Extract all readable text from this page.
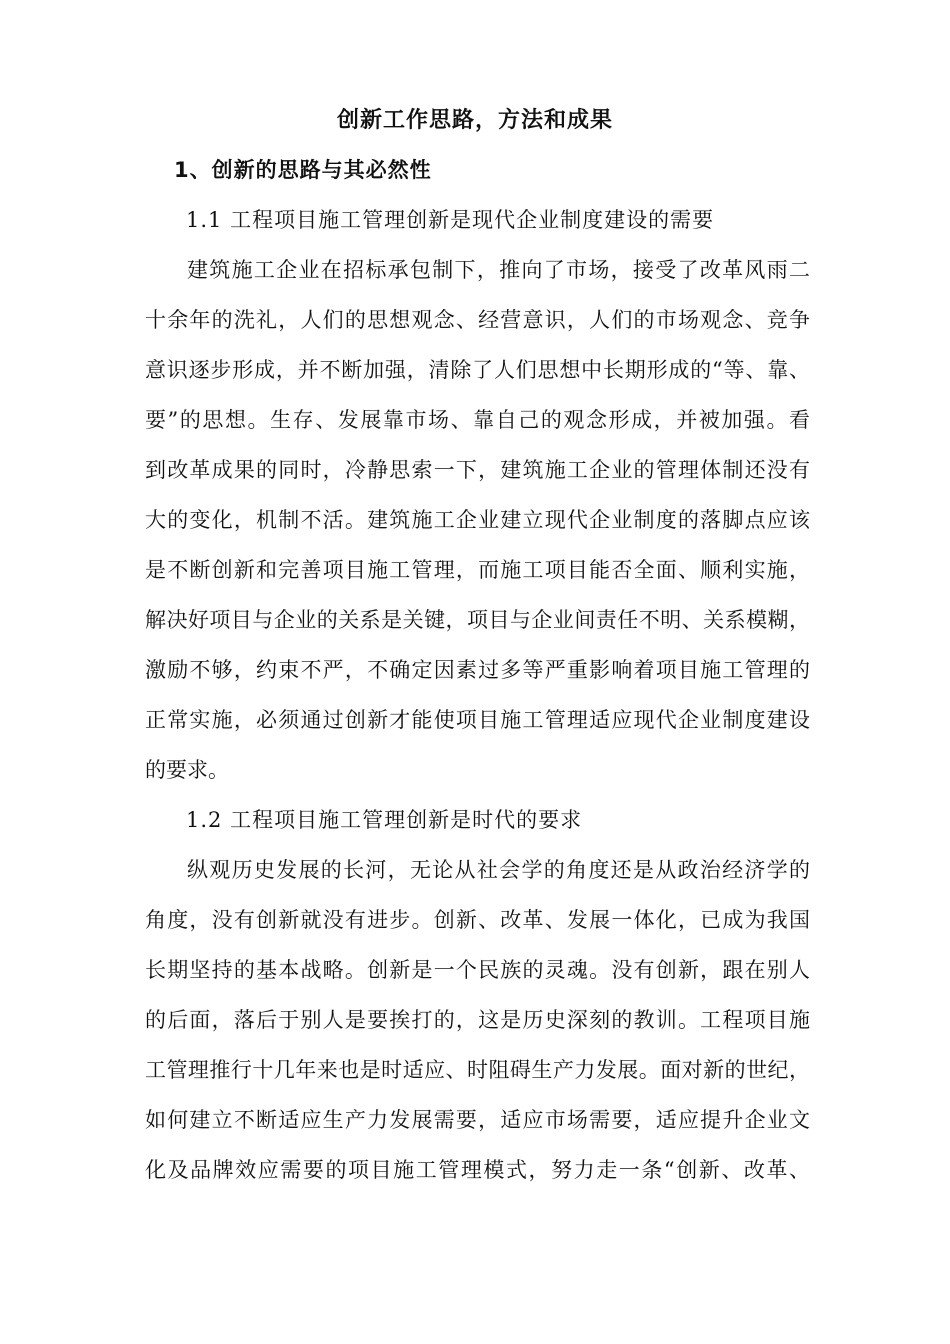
创新工作思路，方法和成果
1、创新的思路与其必然性
1.1 工程项目施工管理创新是现代企业制度建设的需要
建筑施工企业在招标承包制下，推向了市场，接受了改革风雨二
十余年的洗礼，人们的思想观念、经营意识，人们的市场观念、竞争
意识逐步形成，并不断加强，清除了人们思想中长期形成的“等、靠、
要”的思想。生存、发展靠市场、靠自己的观念形成，并被加强。看
到改革成果的同时，冷静思索一下，建筑施工企业的管理体制还没有
大的变化，机制不活。建筑施工企业建立现代企业制度的落脚点应该
是不断创新和完善项目施工管理，而施工项目能否全面、顺利实施，
解决好项目与企业的关系是关键，项目与企业间责任不明、关系模糊，
激励不够，约束不严，不确定因素过多等严重影响着项目施工管理的
正常实施，必须通过创新才能使项目施工管理适应现代企业制度建设
的要求。
1.2 工程项目施工管理创新是时代的要求
纵观历史发展的长河，无论从社会学的角度还是从政治经济学的
角度，没有创新就没有进步。创新、改革、发展一体化，已成为我国
长期坚持的基本战略。创新是一个民族的灵魂。没有创新，跟在别人
的后面，落后于别人是要挨打的，这是历史深刻的教训。工程项目施
工管理推行十几年来也是时适应、时阻碍生产力发展。面对新的世纪，
如何建立不断适应生产力发展需要，适应市场需要，适应提升企业文
化及品牌效应需要的项目施工管理模式，努力走一条“创新、改革、
